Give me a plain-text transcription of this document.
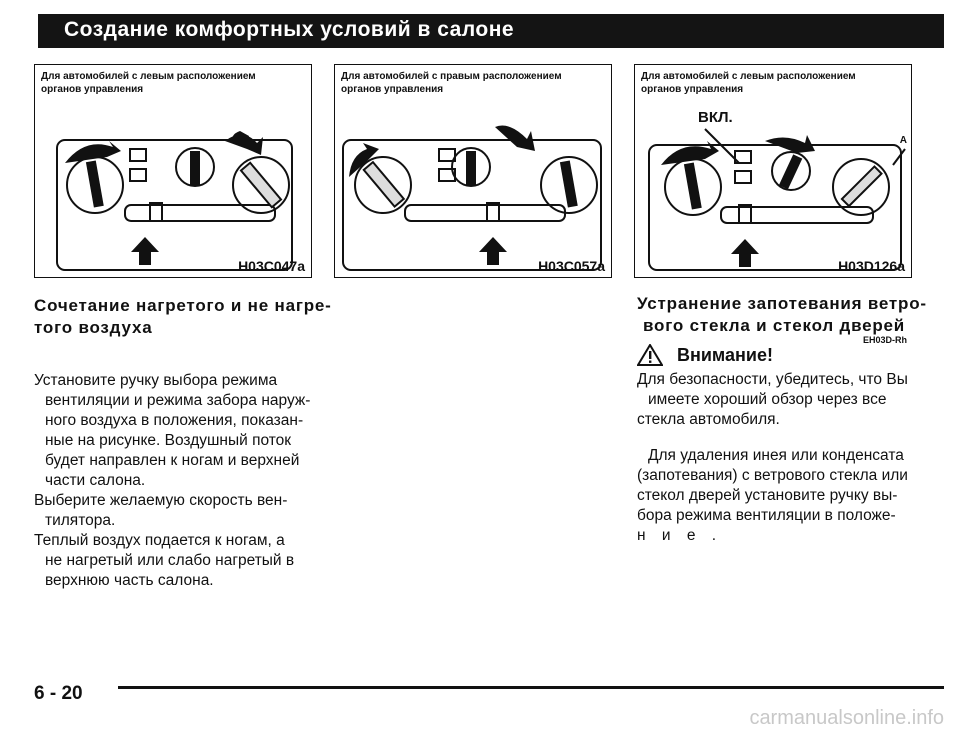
Создание комфортных условий в салоне
Для автомобилей с левым расположением
органов управления
H03C047a
Для автомобилей с правым расположением
органов управления
H03C057a
Для автомобилей с левым расположением
органов управления
ВКЛ.
A
H03D126a
Сочетание нагретого и не нагре-
того воздуха
Установите ручку выбора режима
вентиляции и режима забора наруж-
ного воздуха в положения, показан-
ные на рисунке. Воздушный поток
будет направлен к ногам и верхней
части салона.
Выберите желаемую скорость вен-
тилятора.
Теплый воздух подается к ногам, а
не нагретый или слабо нагретый в
верхнюю часть салона.
Устранение запотевания ветро-
вого стекла и стекол дверей
EH03D-Rh
Внимание!
Для безопасности, убедитесь, что Вы
имеете хороший обзор через все
стекла автомобиля.
Для удаления инея или конденсата
(запотевания) с ветрового стекла или
стекол дверей установите ручку вы-
бора режима вентиляции в положе-
н и е .
6 - 20
carmanualsonline.info
